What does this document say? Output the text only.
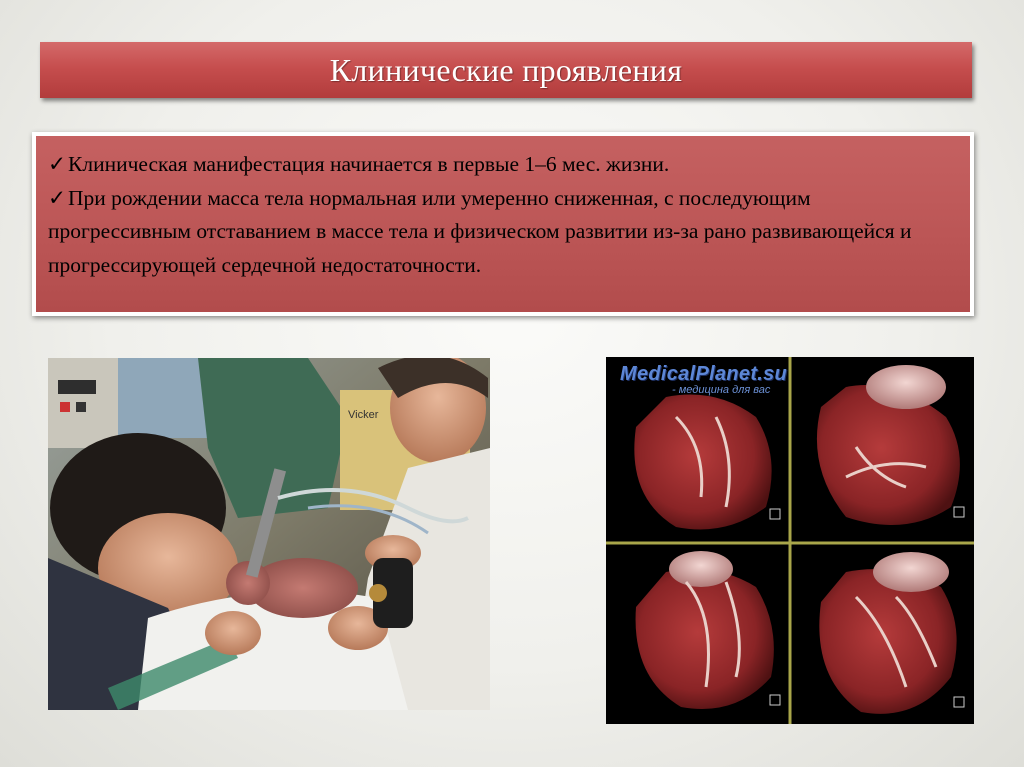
Клинические проявления

✓Клиническая манифестация начинается в первые 1–6 мес. жизни.

✓При рождении масса тела нормальная или умеренно сниженная, с последующим прогрессивным отставанием в массе тела и физическом развитии из-за рано развивающейся и прогрессирующей сердечной недостаточности.

Vicker
MedicalPlanet.su
- медицина для вас
